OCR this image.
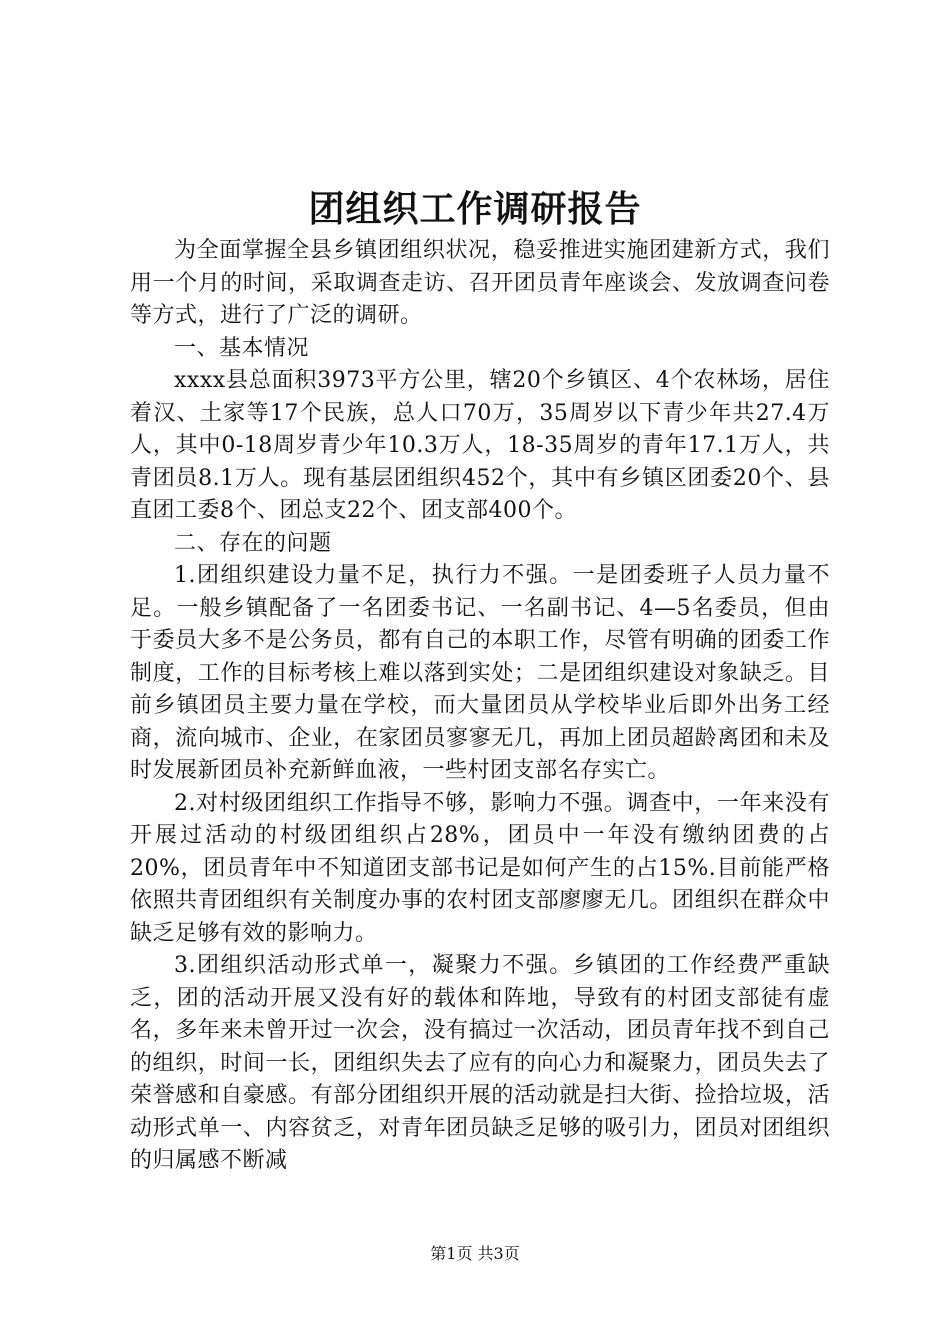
团组织工作调研报告

为全面掌握全县乡镇团组织状况，稳妥推进实施团建新方式，我们用一个月的时间，采取调查走访、召开团员青年座谈会、发放调查问卷等方式，进行了广泛的调研。

一、基本情况

xxxx县总面积3973平方公里，辖20个乡镇区、4个农林场，居住着汉、土家等17个民族，总人口70万，35周岁以下青少年共27.4万人，其中0-18周岁青少年10.3万人，18-35周岁的青年17.1万人，共青团员8.1万人。现有基层团组织452个，其中有乡镇区团委20个、县直团工委8个、团总支22个、团支部400个。

二、存在的问题

1.团组织建设力量不足，执行力不强。一是团委班子人员力量不足。一般乡镇配备了一名团委书记、一名副书记、4—5名委员，但由于委员大多不是公务员，都有自己的本职工作，尽管有明确的团委工作制度，工作的目标考核上难以落到实处；二是团组织建设对象缺乏。目前乡镇团员主要力量在学校，而大量团员从学校毕业后即外出务工经商，流向城市、企业，在家团员寥寥无几，再加上团员超龄离团和未及时发展新团员补充新鲜血液，一些村团支部名存实亡。

2.对村级团组织工作指导不够，影响力不强。调查中，一年来没有开展过活动的村级团组织占28%，团员中一年没有缴纳团费的占20%，团员青年中不知道团支部书记是如何产生的占15%.目前能严格依照共青团组织有关制度办事的农村团支部廖廖无几。团组织在群众中缺乏足够有效的影响力。

3.团组织活动形式单一，凝聚力不强。乡镇团的工作经费严重缺乏，团的活动开展又没有好的载体和阵地，导致有的村团支部徒有虚名，多年来未曾开过一次会，没有搞过一次活动，团员青年找不到自己的组织，时间一长，团组织失去了应有的向心力和凝聚力，团员失去了荣誉感和自豪感。有部分团组织开展的活动就是扫大街、捡拾垃圾，活动形式单一、内容贫乏，对青年团员缺乏足够的吸引力，团员对团组织的归属感不断减

第1页 共3页
